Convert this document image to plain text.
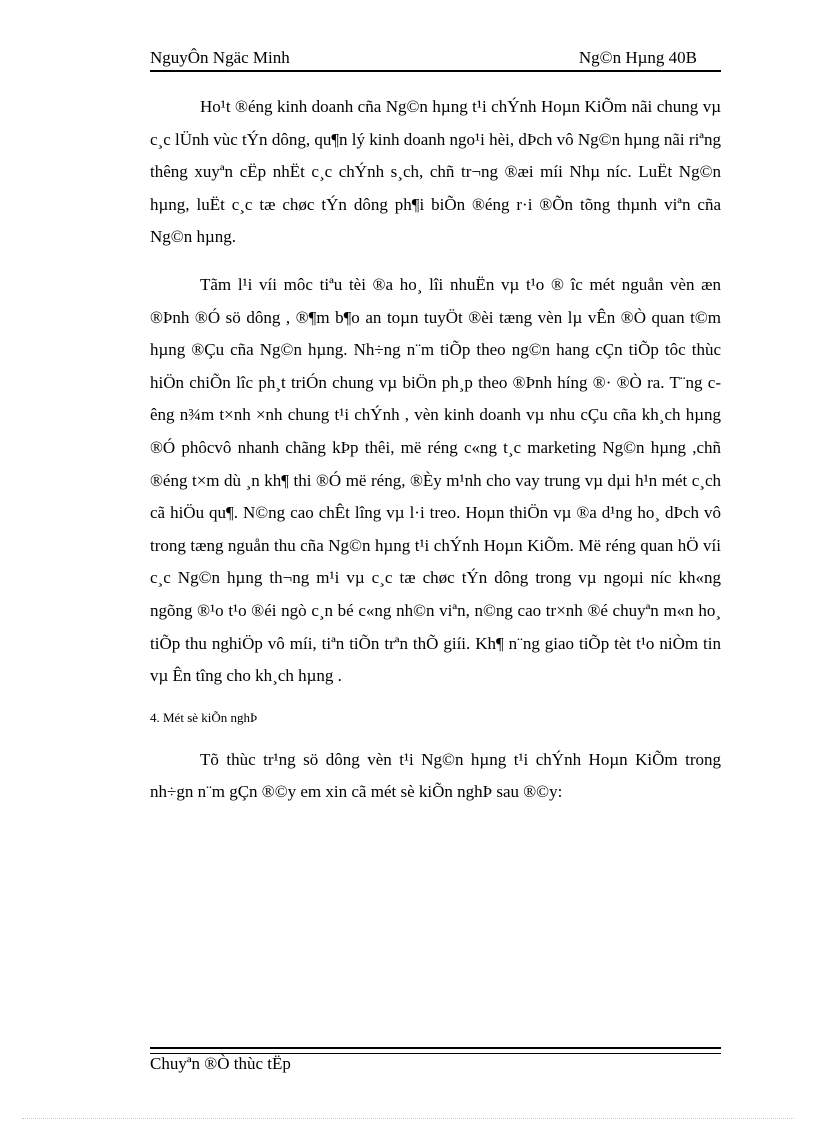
NguyÔn Ngäc Minh	Ng©n Hµng 40B

Ho¹t ®éng kinh doanh cña Ng©n hµng t¹i chÝnh Hoµn KiÕm nãi chung vµ c¸c lÜnh vùc tÝn dông, qu¶n lý kinh doanh ngo¹i hèi, dÞch vô Ng©n hµng nãi riªng thêng xuyªn cËp nhËt c¸c chÝnh s¸ch, chñ tr¬ng ®æi míi Nhµ níc. LuËt Ng©n hµng, luËt c¸c tæ chøc tÝn dông ph¶i biÕn ®éng r·i ®Õn tõng thµnh viªn cña Ng©n hµng.

Tãm l¹i víi môc tiªu tèi ®a ho¸ lîi nhuËn vµ t¹o ® îc mét nguån vèn æn ®Þnh ®Ó sö dông , ®¶m b¶o an toµn tuyÖt ®èi tæng vèn lµ vÊn ®Ò quan t©m hµng ®Çu cña Ng©n hµng. Nh÷ng n¨m tiÕp theo ng©n hang cÇn tiÕp tôc thùc hiÖn chiÕn lîc ph¸t triÓn chung vµ biÖn ph¸p theo ®Þnh híng ®· ®Ò ra. T¨ng cêng n¾m t×nh ×nh chung t¹i chÝnh , vèn kinh doanh vµ nhu cÇu cña kh¸ch hµng ®Ó phôcvô nhanh chãng kÞp thêi, më réng c«ng t¸c marketing Ng©n hµng ,chñ ®éng t×m dù ¸n kh¶ thi ®Ó më réng, ®Èy m¹nh cho vay trung vµ dµi h¹n mét c¸ch cã hiÖu qu¶. N©ng cao chÊt lîng vµ l·i treo. Hoµn thiÖn vµ ®a d¹ng ho¸ dÞch vô trong tæng nguån thu cña Ng©n hµng t¹i chÝnh Hoµn KiÕm. Më réng quan hÖ víi c¸c Ng©n hµng th¬ng m¹i vµ c¸c tæ chøc tÝn dông trong vµ ngoµi níc kh«ng ngõng ®¹o t¹o ®éi ngò c¸n bé c«ng nh©n viªn, n©ng cao tr×nh ®é chuyªn m«n ho¸ tiÕp thu nghiÖp vô míi, tiªn tiÕn trªn thÕ giíi. Kh¶ n¨ng giao tiÕp tèt t¹o niÒm tin vµ Ên tîng cho kh¸ch hµng .

4. Mét sè kiÕn nghÞ

Tõ thùc tr¹ng sö dông vèn t¹i Ng©n hµng t¹i chÝnh Hoµn KiÕm trong nh÷gn n¨m gÇn ®©y em xin cã mét sè kiÕn nghÞ sau ®©y:

Chuyªn ®Ò thùc tËp
